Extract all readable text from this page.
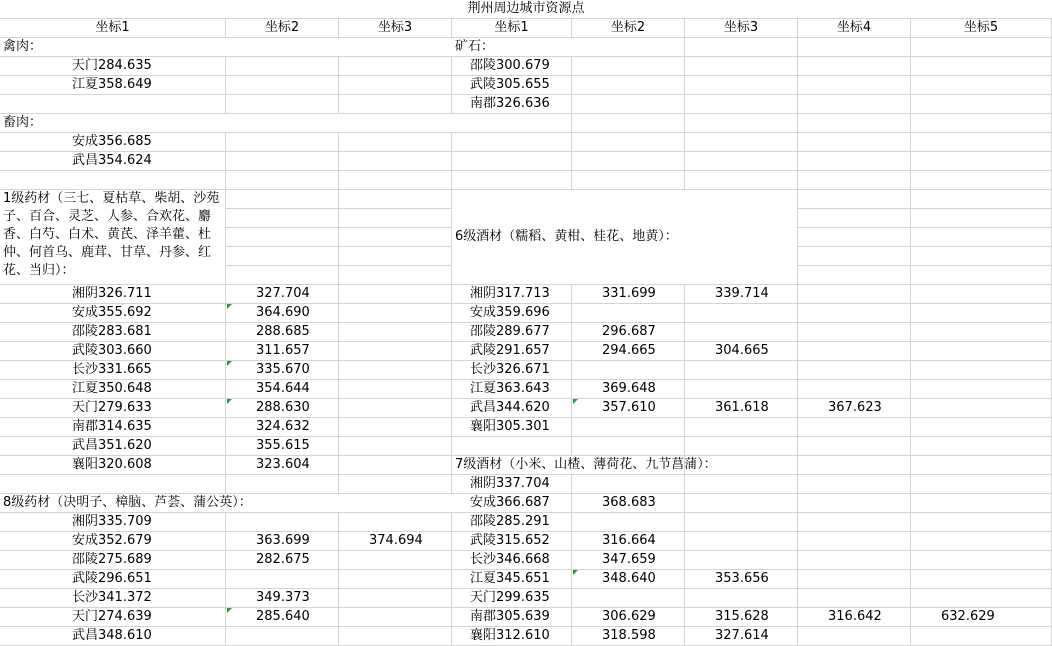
荆州周边城市资源点
坐标1	坐标2	坐标3	坐标1	坐标2	坐标3	坐标4	坐标5
禽肉：
天门284.635
江夏358.649
畜肉：
安成356.685
武昌354.624
1级药材（三七、夏枯草、柴胡、沙苑子、百合、灵芝、人参、合欢花、麝香、白芍、白术、黄芪、泽羊藿、杜仲、何首乌、鹿茸、甘草、丹参、红花、当归）：
湘阴326.711	327.704
安成355.692	364.690
邵陵283.681	288.685
武陵303.660	311.657
长沙331.665	335.670
江夏350.648	354.644
天门279.633	288.630
南郡314.635	324.632
武昌351.620	355.615
襄阳320.608	323.604
8级药材（决明子、樟脑、芦荟、蒲公英）：
湘阴335.709
安成352.679	363.699	374.694
邵陵275.689	282.675
武陵296.651
长沙341.372	349.373
天门274.639	285.640
武昌348.610
矿石：
邵陵300.679
武陵305.655
南郡326.636
6级酒材（糯稻、黄柑、桂花、地黄）：
湘阴317.713	331.699	339.714
安成359.696
邵陵289.677	296.687
武陵291.657	294.665	304.665
长沙326.671
江夏363.643	369.648
武昌344.620	357.610	361.618	367.623
襄阳305.301
7级酒材（小米、山楂、薄荷花、九节菖蒲）：
湘阴337.704
安成366.687	368.683
邵陵285.291
武陵315.652	316.664
长沙346.668	347.659
江夏345.651	348.640	353.656
天门299.635
南郡305.639	306.629	315.628	316.642	632.629
襄阳312.610	318.598	327.614
